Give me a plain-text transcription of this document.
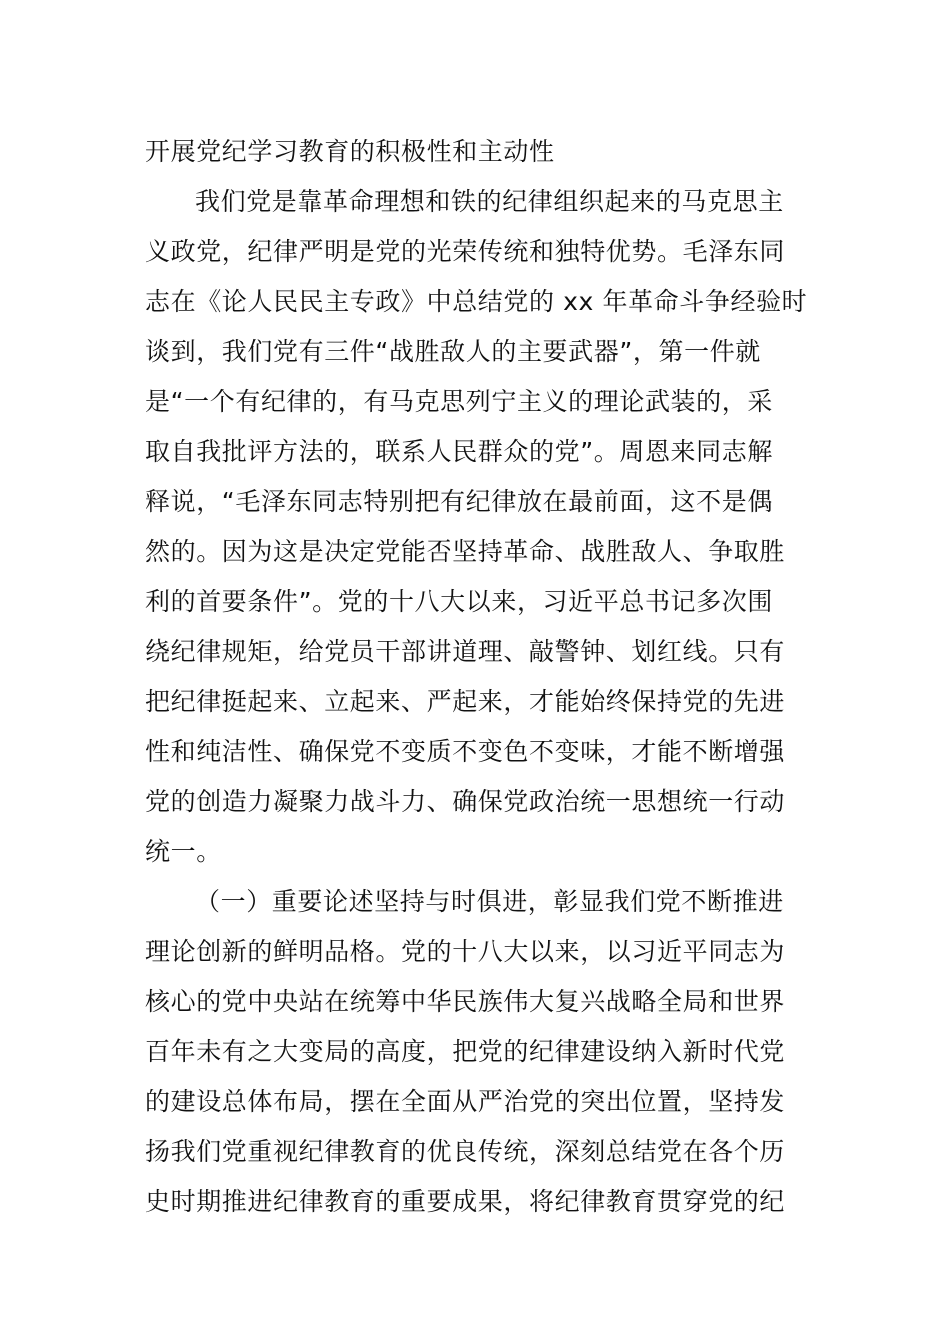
开展党纪学习教育的积极性和主动性
我们党是靠革命理想和铁的纪律组织起来的马克思主
义政党，纪律严明是党的光荣传统和独特优势。毛泽东同
志在《论人民民主专政》中总结党的 xx 年革命斗争经验时
谈到，我们党有三件“战胜敌人的主要武器”，第一件就
是“一个有纪律的，有马克思列宁主义的理论武装的，采
取自我批评方法的，联系人民群众的党”。周恩来同志解
释说，“毛泽东同志特别把有纪律放在最前面，这不是偶
然的。因为这是决定党能否坚持革命、战胜敌人、争取胜
利的首要条件”。党的十八大以来，习近平总书记多次围
绕纪律规矩，给党员干部讲道理、敲警钟、划红线。只有
把纪律挺起来、立起来、严起来，才能始终保持党的先进
性和纯洁性、确保党不变质不变色不变味，才能不断增强
党的创造力凝聚力战斗力、确保党政治统一思想统一行动
统一。
（一）重要论述坚持与时俱进，彰显我们党不断推进
理论创新的鲜明品格。党的十八大以来，以习近平同志为
核心的党中央站在统筹中华民族伟大复兴战略全局和世界
百年未有之大变局的高度，把党的纪律建设纳入新时代党
的建设总体布局，摆在全面从严治党的突出位置，坚持发
扬我们党重视纪律教育的优良传统，深刻总结党在各个历
史时期推进纪律教育的重要成果，将纪律教育贯穿党的纪
